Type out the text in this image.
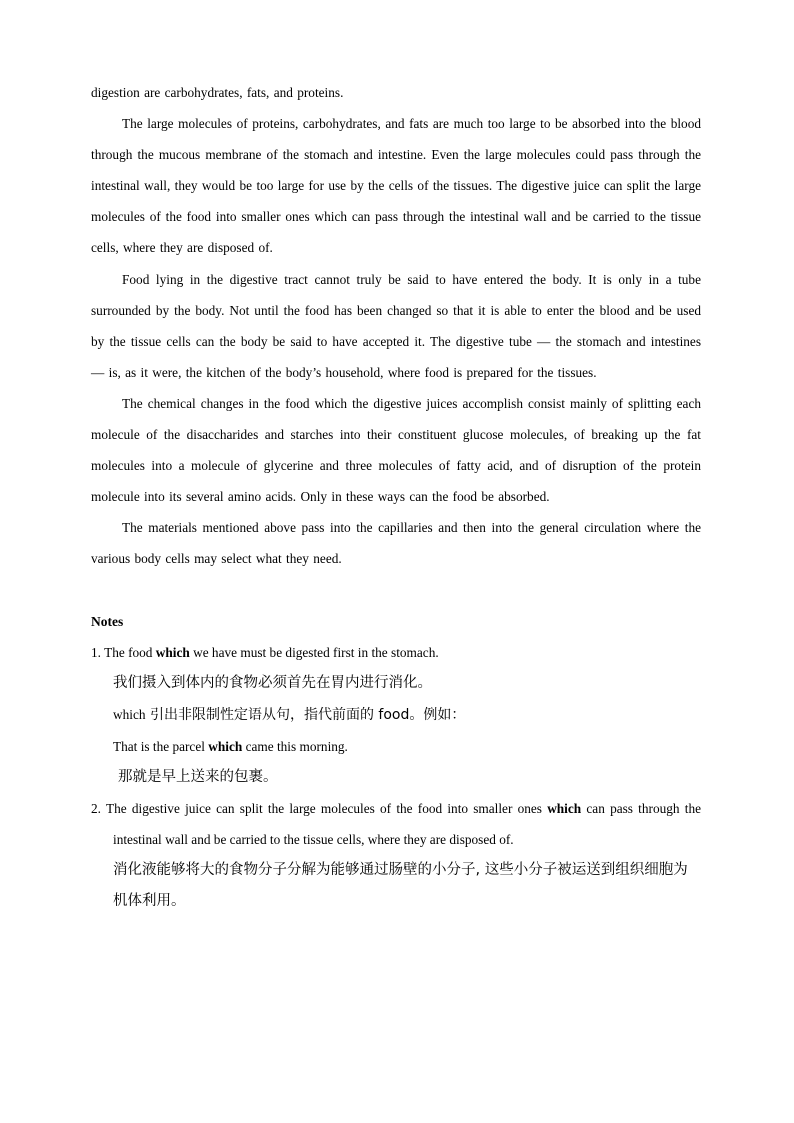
digestion are carbohydrates, fats, and proteins.

The large molecules of proteins, carbohydrates, and fats are much too large to be absorbed into the blood through the mucous membrane of the stomach and intestine. Even the large molecules could pass through the intestinal wall, they would be too large for use by the cells of the tissues. The digestive juice can split the large molecules of the food into smaller ones which can pass through the intestinal wall and be carried to the tissue cells, where they are disposed of.

Food lying in the digestive tract cannot truly be said to have entered the body. It is only in a tube surrounded by the body. Not until the food has been changed so that it is able to enter the blood and be used by the tissue cells can the body be said to have accepted it. The digestive tube — the stomach and intestines — is, as it were, the kitchen of the body’s household, where food is prepared for the tissues.

The chemical changes in the food which the digestive juices accomplish consist mainly of splitting each molecule of the disaccharides and starches into their constituent glucose molecules, of breaking up the fat molecules into a molecule of glycerine and three molecules of fatty acid, and of disruption of the protein molecule into its several amino acids. Only in these ways can the food be absorbed.

The materials mentioned above pass into the capillaries and then into the general circulation where the various body cells may select what they need.

Notes

1. The food which we have must be digested first in the stomach.

我们摄入到体内的食物必须首先在胃内进行消化。

which 引出非限制性定语从句，指代前面的 food。例如：

That is the parcel which came this morning.

那就是早上送来的包裹。

2. The digestive juice can split the large molecules of the food into smaller ones which can pass through the intestinal wall and be carried to the tissue cells, where they are disposed of.

消化液能够将大的食物分子分解为能够通过肠壁的小分子, 这些小分子被运送到组织细胞为机体利用。
